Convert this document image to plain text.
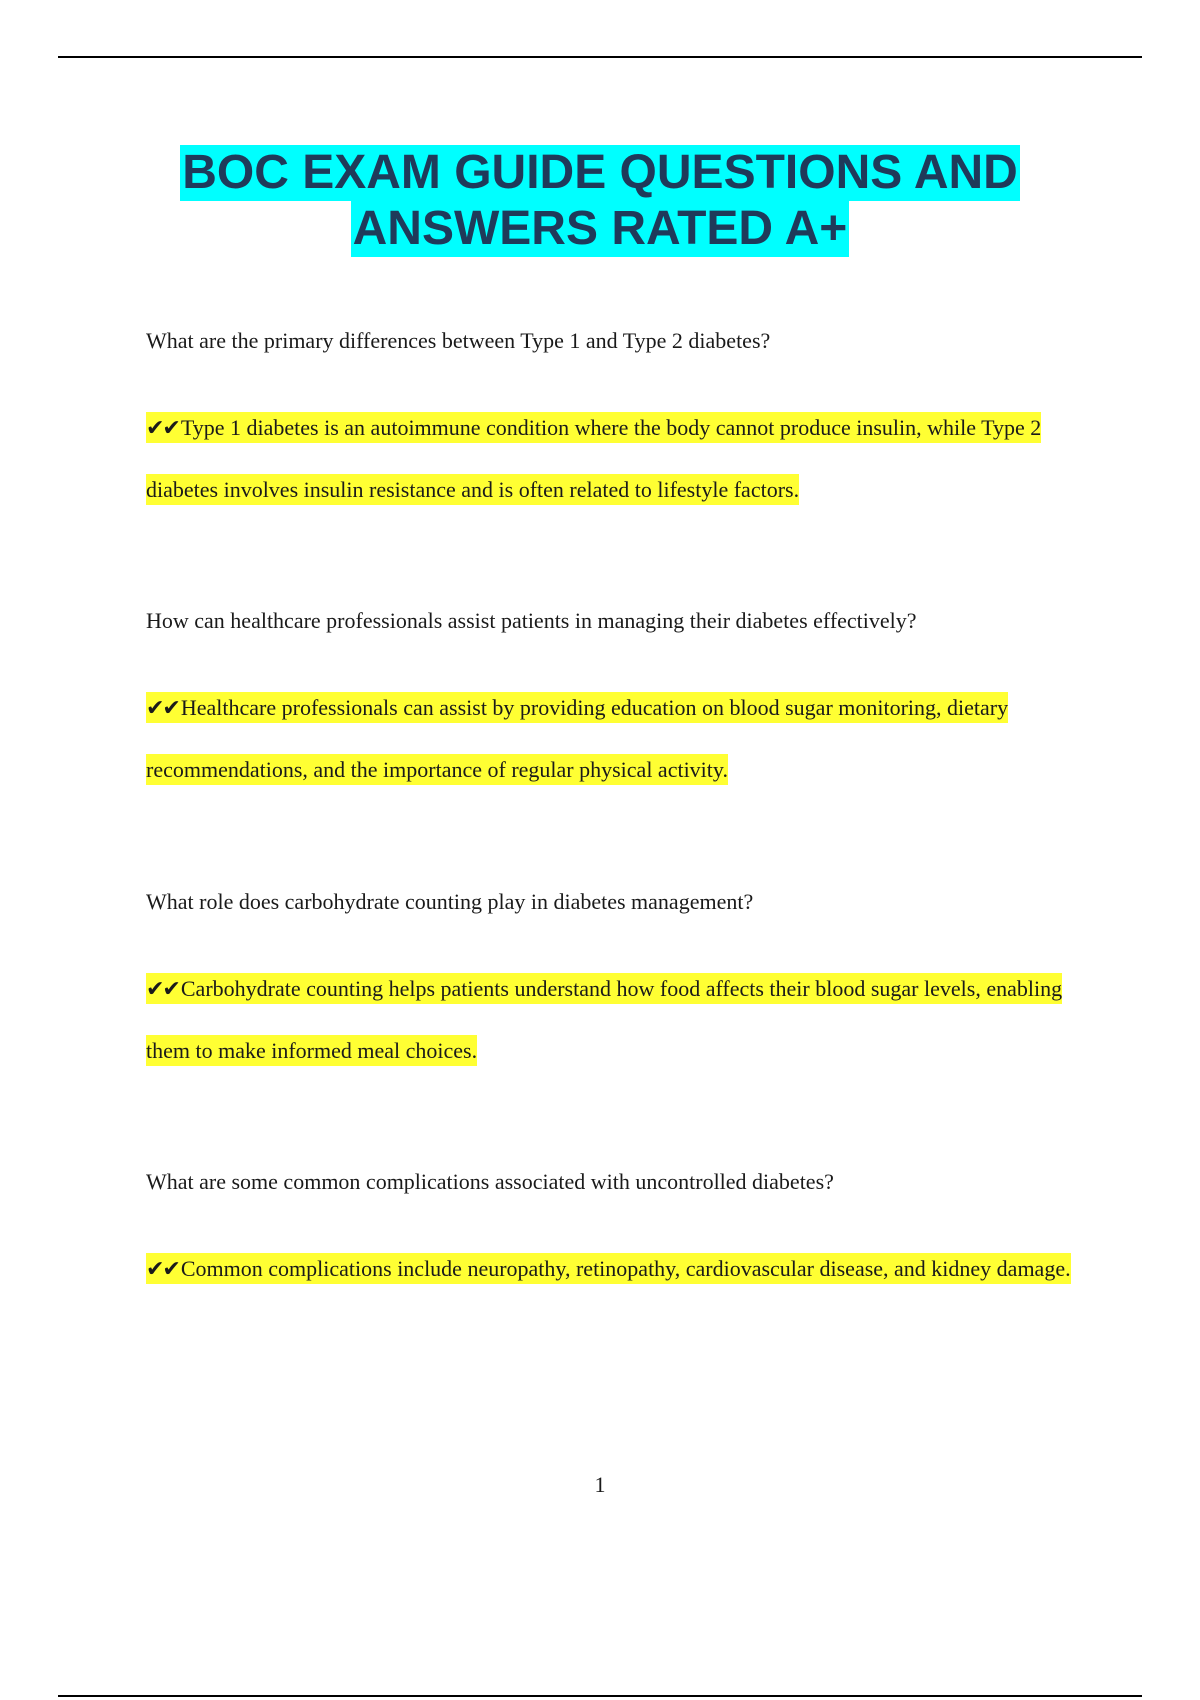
BOC EXAM GUIDE QUESTIONS AND
ANSWERS RATED A+

What are the primary differences between Type 1 and Type 2 diabetes?

✔✔Type 1 diabetes is an autoimmune condition where the body cannot produce insulin, while Type 2 diabetes involves insulin resistance and is often related to lifestyle factors.

How can healthcare professionals assist patients in managing their diabetes effectively?

✔✔Healthcare professionals can assist by providing education on blood sugar monitoring, dietary recommendations, and the importance of regular physical activity.

What role does carbohydrate counting play in diabetes management?

✔✔Carbohydrate counting helps patients understand how food affects their blood sugar levels, enabling them to make informed meal choices.

What are some common complications associated with uncontrolled diabetes?

✔✔Common complications include neuropathy, retinopathy, cardiovascular disease, and kidney damage.

1
